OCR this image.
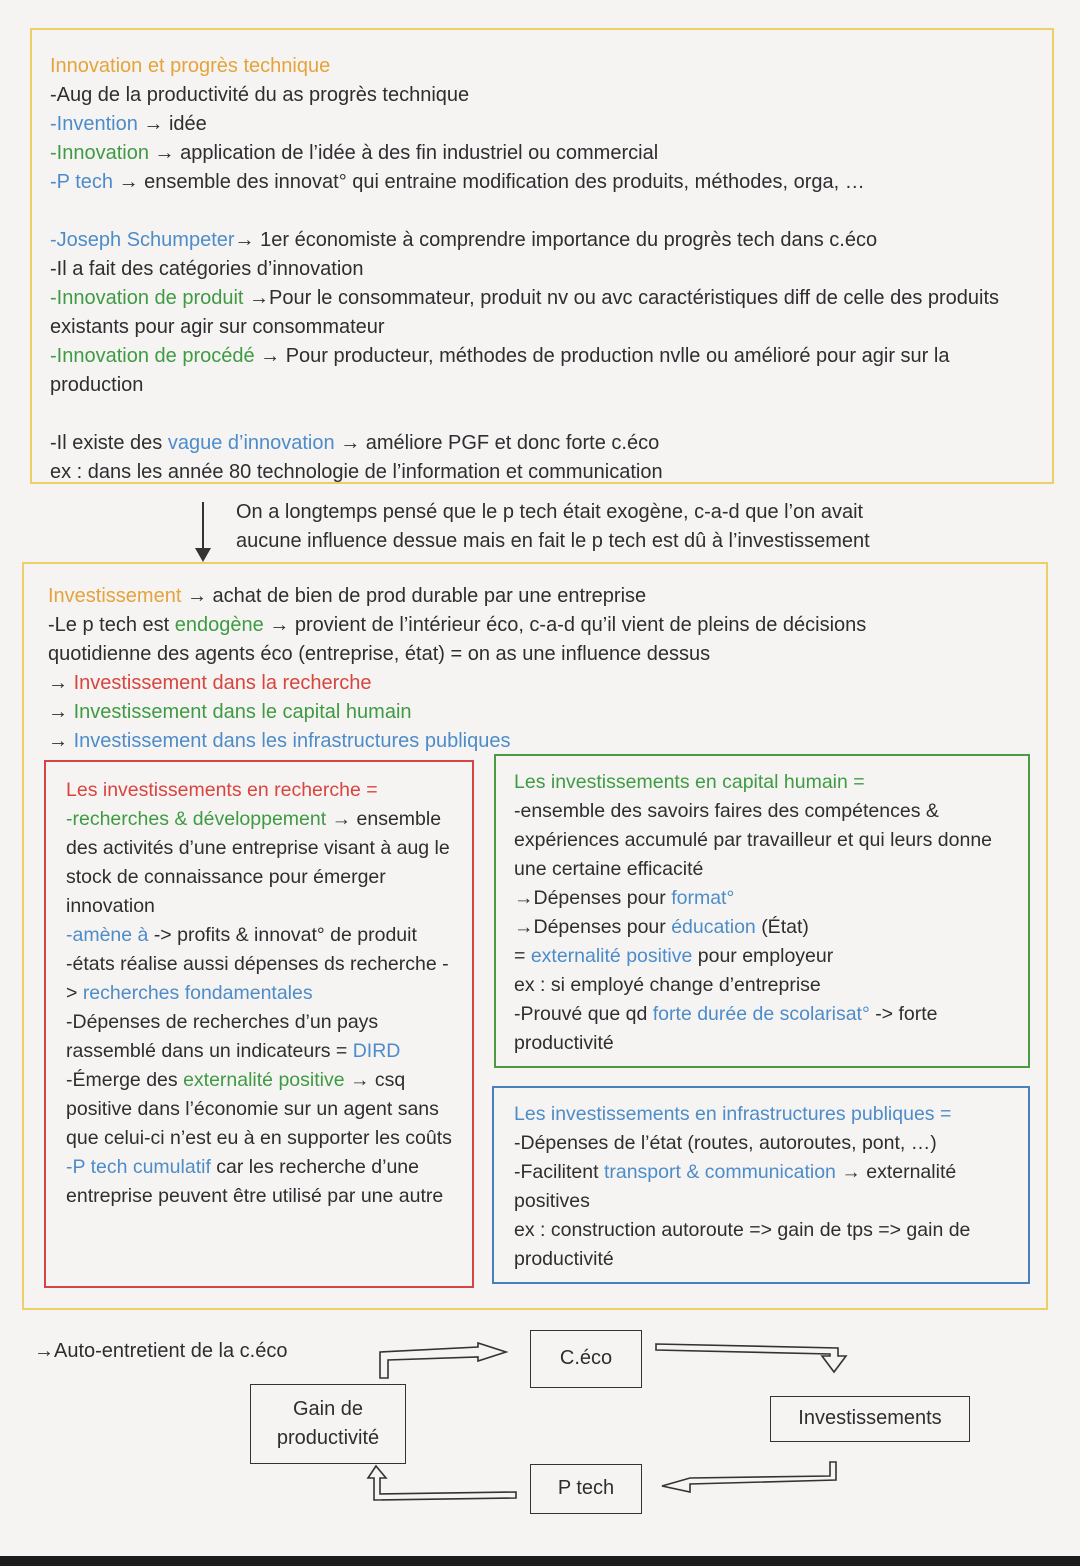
Innovation et progrès technique

-Aug de la productivité du as progrès technique

-Invention → idée

-Innovation → application de l’idée à des fin industriel ou commercial

-P tech → ensemble des innovat° qui entraine modification des produits, méthodes, orga, …

-Joseph Schumpeter→ 1er économiste à comprendre importance du progrès tech dans c.éco

-Il a fait des catégories d’innovation

-Innovation de produit →Pour le consommateur, produit nv ou avc caractéristiques diff de celle des produits existants pour agir sur consommateur

-Innovation de procédé → Pour producteur, méthodes de production nvlle ou amélioré pour agir sur la production

-Il existe des vague d’innovation → améliore PGF et donc forte c.éco

ex : dans les année 80 technologie de l’information et communication

On a longtemps pensé que le p tech était exogène, c-a-d que l’on avait

aucune influence dessue mais en fait le p tech est dû à l’investissement

Investissement → achat de bien de prod durable par une entreprise

-Le p tech est endogène → provient de l’intérieur éco, c-a-d qu’il vient de pleins de décisions quotidienne des agents éco (entreprise, état) = on as une influence dessus

→ Investissement dans la recherche

→ Investissement dans le capital humain

→ Investissement dans les infrastructures publiques

Les investissements en recherche =

-recherches & développement → ensemble des activités d’une entreprise visant à aug le stock de connaissance pour émerger innovation

-amène à -> profits & innovat° de produit

-états réalise aussi dépenses ds recherche -> recherches fondamentales

-Dépenses de recherches d’un pays rassemblé dans un indicateurs = DIRD

-Émerge des externalité positive → csq positive dans l’économie sur un agent sans que celui-ci n’est eu à en supporter les coûts

-P tech cumulatif car les recherche d’une entreprise peuvent être utilisé par une autre

Les investissements en capital humain =

-ensemble des savoirs faires des compétences & expériences accumulé par travailleur et qui leurs donne une certaine efficacité

→Dépenses pour format°

→Dépenses pour éducation (État)

= externalité positive pour employeur

ex : si employé change d’entreprise

-Prouvé que qd forte durée de scolarisat° -> forte productivité

Les investissements en infrastructures publiques =

-Dépenses de l’état (routes, autoroutes, pont, …)

-Facilitent transport & communication → externalité positives

ex : construction autoroute => gain de tps => gain de productivité

→Auto-entretient de la c.éco	C.éco
Investissements
P tech
Gain de productivité
